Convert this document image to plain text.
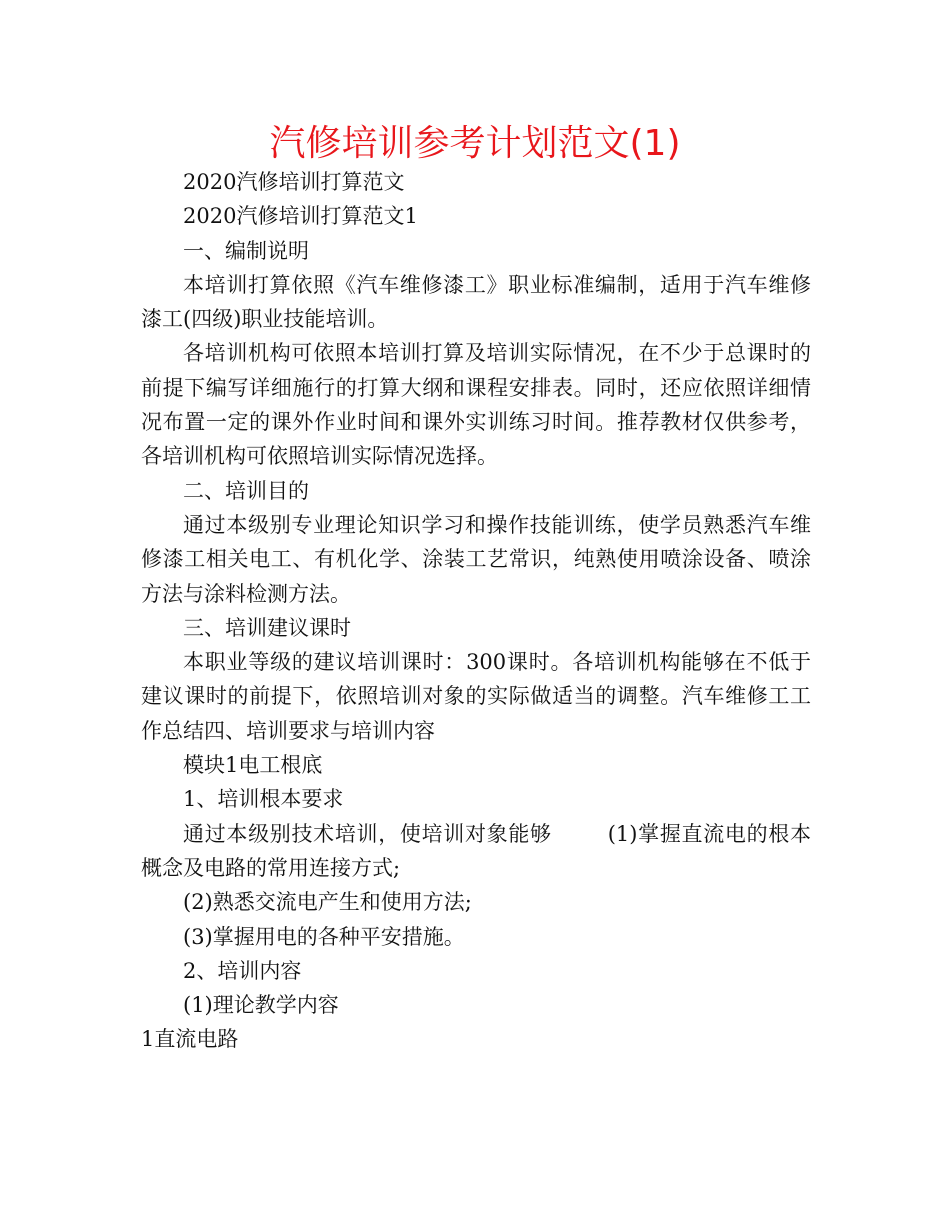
汽修培训参考计划范文(1)

2020汽修培训打算范文

2020汽修培训打算范文1

一、编制说明

本培训打算依照《汽车维修漆工》职业标准编制，适用于汽车维修漆工(四级)职业技能培训。

各培训机构可依照本培训打算及培训实际情况，在不少于总课时的前提下编写详细施行的打算大纲和课程安排表。同时，还应依照详细情况布置一定的课外作业时间和课外实训练习时间。推荐教材仅供参考，各培训机构可依照培训实际情况选择。

二、培训目的

通过本级别专业理论知识学习和操作技能训练，使学员熟悉汽车维修漆工相关电工、有机化学、涂装工艺常识，纯熟使用喷涂设备、喷涂方法与涂料检测方法。

三、培训建议课时

本职业等级的建议培训课时：300课时。各培训机构能够在不低于建议课时的前提下，依照培训对象的实际做适当的调整。汽车维修工工作总结四、培训要求与培训内容

模块1电工根底

1、培训根本要求

通过本级别技术培训，使培训对象能够	(1)掌握直流电的根本概念及电路的常用连接方式;

(2)熟悉交流电产生和使用方法;

(3)掌握用电的各种平安措施。

2、培训内容

(1)理论教学内容

1直流电路
